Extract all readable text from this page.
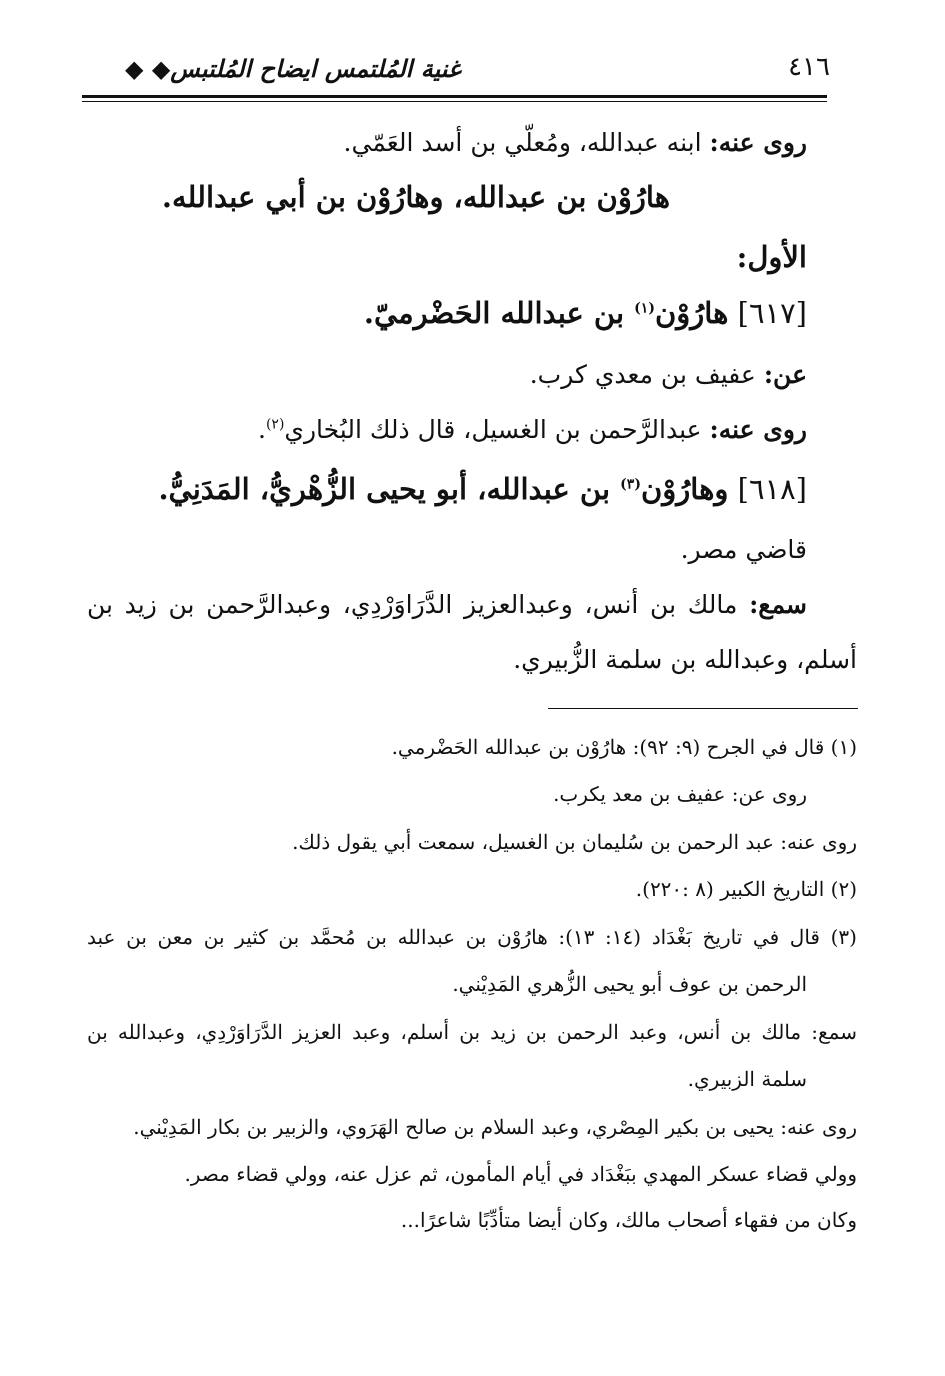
٤١٦
غنية المُلتمس ايضاح المُلتبس◆ ◆
روى عنه: ابنه عبدالله، ومُعلّي بن أسد العَمّي.
هارُوْن بن عبدالله، وهارُوْن بن أبي عبدالله.
الأول:
[٦١٧] هارُوْن$^{(١)}$ بن عبدالله الحَضْرميّ.
عن: عفيف بن معدي كرب.
روى عنه: عبدالرَّحمن بن الغسيل، قال ذلك البُخاري$^{(٢)}$.
[٦١٨] وهارُوْن$^{(٣)}$ بن عبدالله، أبو يحيى الزُّهْريُّ، المَدَنِيُّ.
قاضي مصر.
سمع: مالك بن أنس، وعبدالعزيز الدَّرَاوَرْدِي، وعبدالرَّحمن بن زيد بن
أسلم، وعبدالله بن سلمة الزُّبيري.
(١) قال في الجرح (٩: ٩٢): هارُوْن بن عبدالله الحَضْرمي.
روى عن: عفيف بن معد يكرب.
روى عنه: عبد الرحمن بن سُليمان بن الغسيل، سمعت أبي يقول ذلك.
(٢) التاريخ الكبير (٨ :٢٢٠).
(٣) قال في تاريخ بَغْدَاد (١٤: ١٣): هارُوْن بن عبدالله بن مُحمَّد بن كثير بن معن بن عبد
الرحمن بن عوف أبو يحيى الزُّهري المَدِيْني.
سمع: مالك بن أنس، وعبد الرحمن بن زيد بن أسلم، وعبد العزيز الدَّرَاوَرْدِي، وعبدالله بن
سلمة الزبيري.
روى عنه: يحيى بن بكير المِصْري، وعبد السلام بن صالح الهَرَوي، والزبير بن بكار المَدِيْني.
وولي قضاء عسكر المهدي ببَغْدَاد في أيام المأمون، ثم عزل عنه، وولي قضاء مصر.
وكان من فقهاء أصحاب مالك، وكان أيضا متأدِّبًا شاعرًا...
